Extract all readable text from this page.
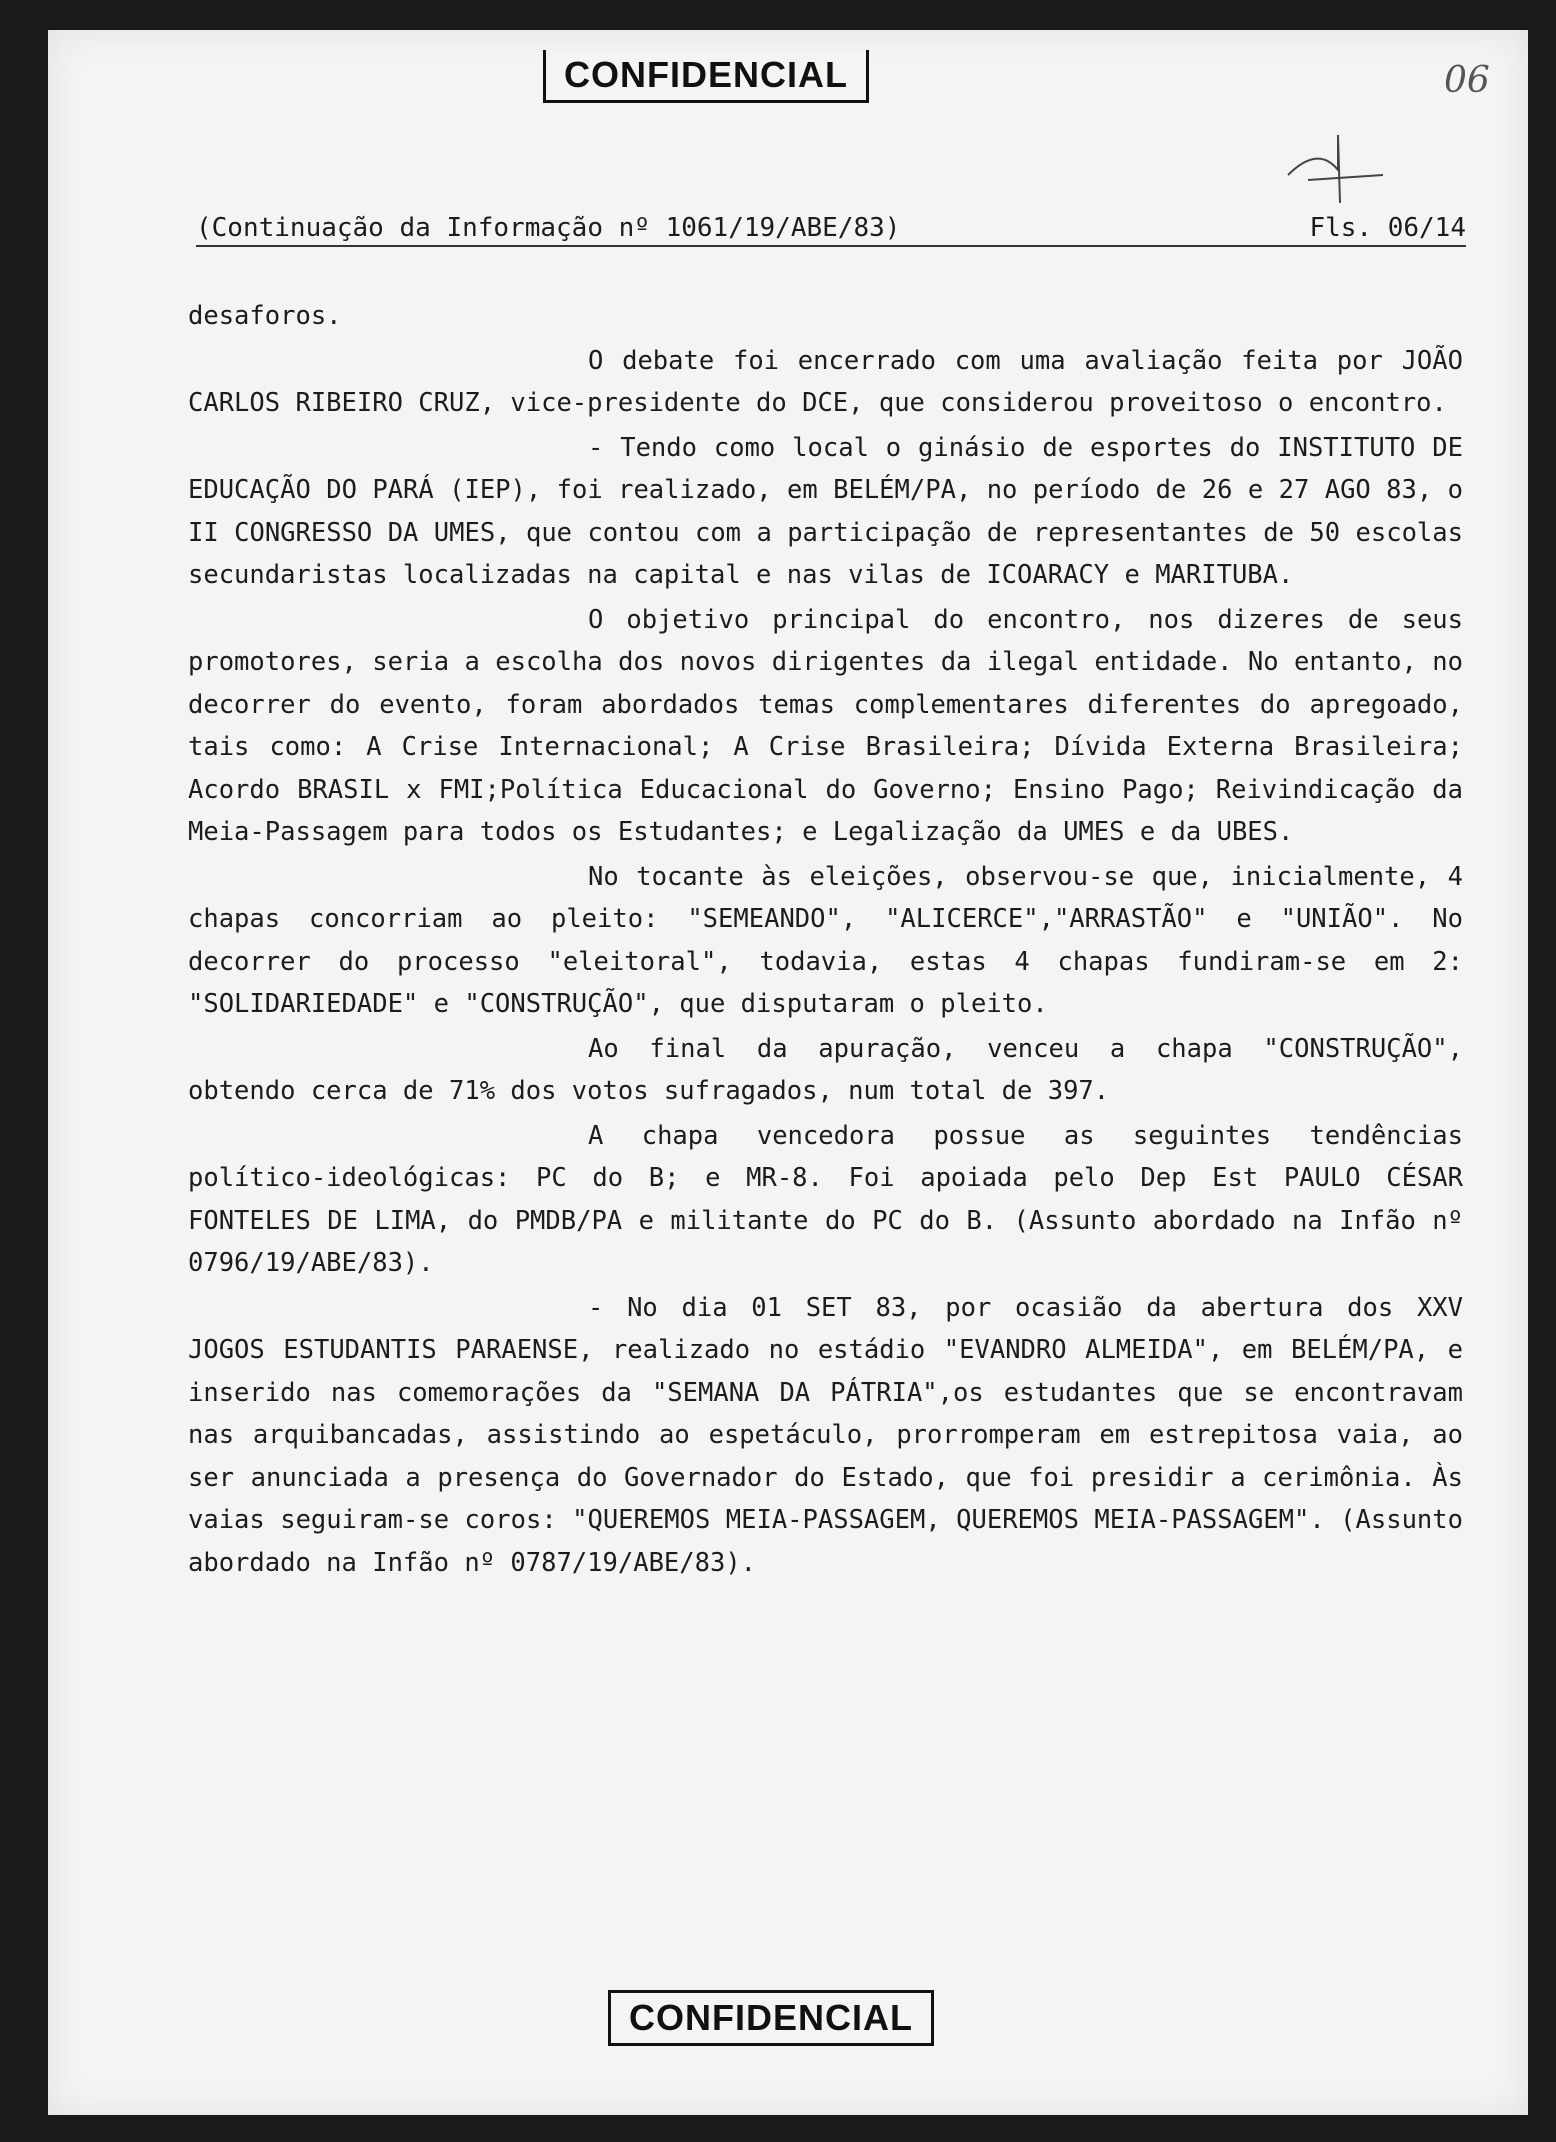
CONFIDENCIAL	06
(Continuação da Informação nº 1061/19/ABE/83)	Fls. 06/14

desaforos.

O debate foi encerrado com uma avaliação feita por JOÃO CARLOS RIBEIRO CRUZ, vice-presidente do DCE, que considerou proveitoso o encontro.

- Tendo como local o ginásio de esportes do INSTITUTO DE EDUCAÇÃO DO PARÁ (IEP), foi realizado, em BELÉM/PA, no período de 26 e 27 AGO 83, o II CONGRESSO DA UMES, que contou com a participação de representantes de 50 escolas secundaristas localizadas na capital e nas vilas de ICOARACY e MARITUBA.

O objetivo principal do encontro, nos dizeres de seus promotores, seria a escolha dos novos dirigentes da ilegal entidade. No entanto, no decorrer do evento, foram abordados temas complementares diferentes do apregoado, tais como: A Crise Internacional; A Crise Brasileira; Dívida Externa Brasileira; Acordo BRASIL x FMI;Política Educacional do Governo; Ensino Pago; Reivindicação da Meia-Passagem para todos os Estudantes; e Legalização da UMES e da UBES.

No tocante às eleições, observou-se que, inicialmente, 4 chapas concorriam ao pleito: "SEMEANDO", "ALICERCE","ARRASTÃO" e "UNIÃO". No decorrer do processo "eleitoral", todavia, estas 4 chapas fundiram-se em 2: "SOLIDARIEDADE" e "CONSTRUÇÃO", que disputaram o pleito.

Ao final da apuração, venceu a chapa "CONSTRUÇÃO", obtendo cerca de 71% dos votos sufragados, num total de 397.

A chapa vencedora possue as seguintes tendências político-ideológicas: PC do B; e MR-8. Foi apoiada pelo Dep Est PAULO CÉSAR FONTELES DE LIMA, do PMDB/PA e militante do PC do B. (Assunto abordado na Infão nº 0796/19/ABE/83).

- No dia 01 SET 83, por ocasião da abertura dos XXV JOGOS ESTUDANTIS PARAENSE, realizado no estádio "EVANDRO ALMEIDA", em BELÉM/PA, e inserido nas comemorações da "SEMANA DA PÁTRIA",os estudantes que se encontravam nas arquibancadas, assistindo ao espetáculo, prorromperam em estrepitosa vaia, ao ser anunciada a presença do Governador do Estado, que foi presidir a cerimônia. Às vaias seguiram-se coros: "QUEREMOS MEIA-PASSAGEM, QUEREMOS MEIA-PASSAGEM". (Assunto abordado na Infão nº 0787/19/ABE/83).

CONFIDENCIAL
